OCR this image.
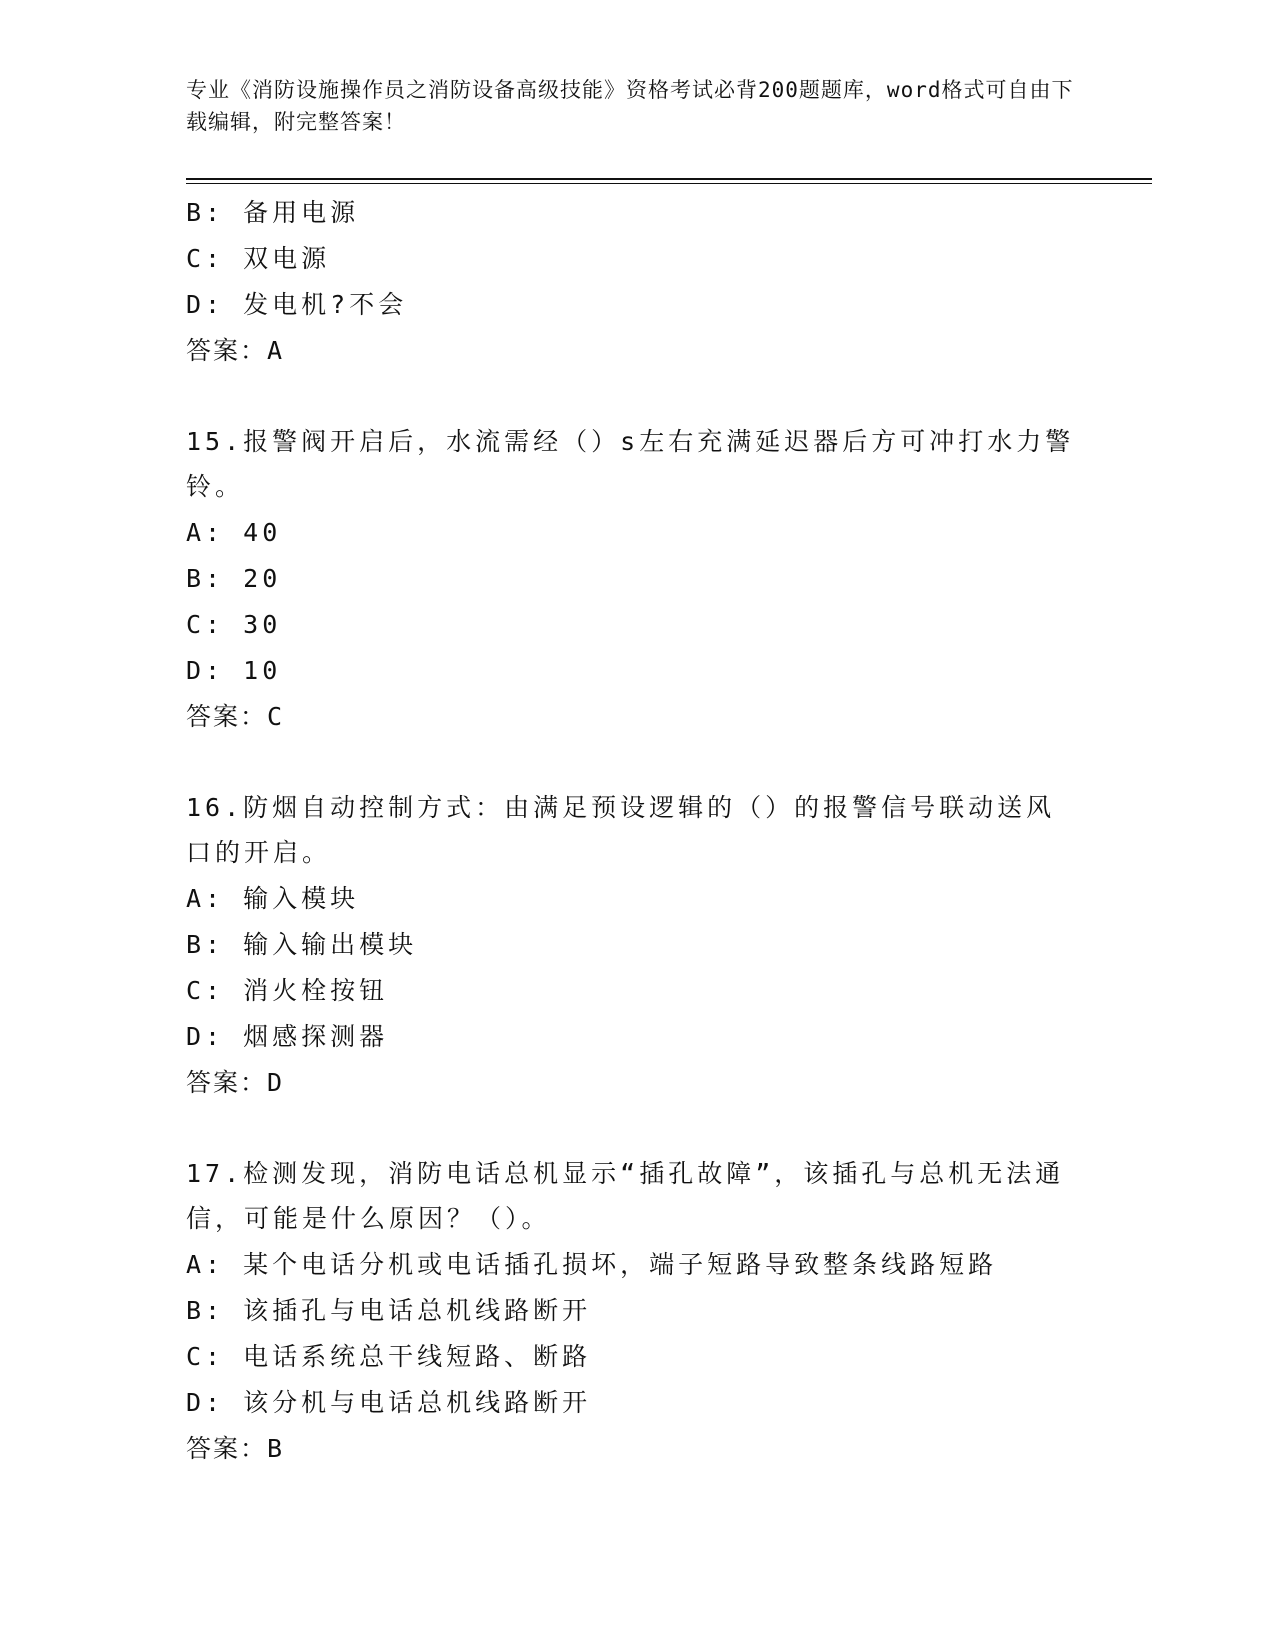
专业《消防设施操作员之消防设备高级技能》资格考试必背200题题库，word格式可自由下载编辑，附完整答案！
B: 备用电源
C: 双电源
D: 发电机?不会
答案：A
15.报警阀开启后，水流需经（）s左右充满延迟器后方可冲打水力警铃。
A: 40
B: 20
C: 30
D: 10
答案：C
16.防烟自动控制方式：由满足预设逻辑的（）的报警信号联动送风口的开启。
A: 输入模块
B: 输入输出模块
C: 消火栓按钮
D: 烟感探测器
答案：D
17.检测发现，消防电话总机显示“插孔故障”，该插孔与总机无法通信，可能是什么原因？（）。
A: 某个电话分机或电话插孔损坏，端子短路导致整条线路短路
B: 该插孔与电话总机线路断开
C: 电话系统总干线短路、断路
D: 该分机与电话总机线路断开
答案：B
